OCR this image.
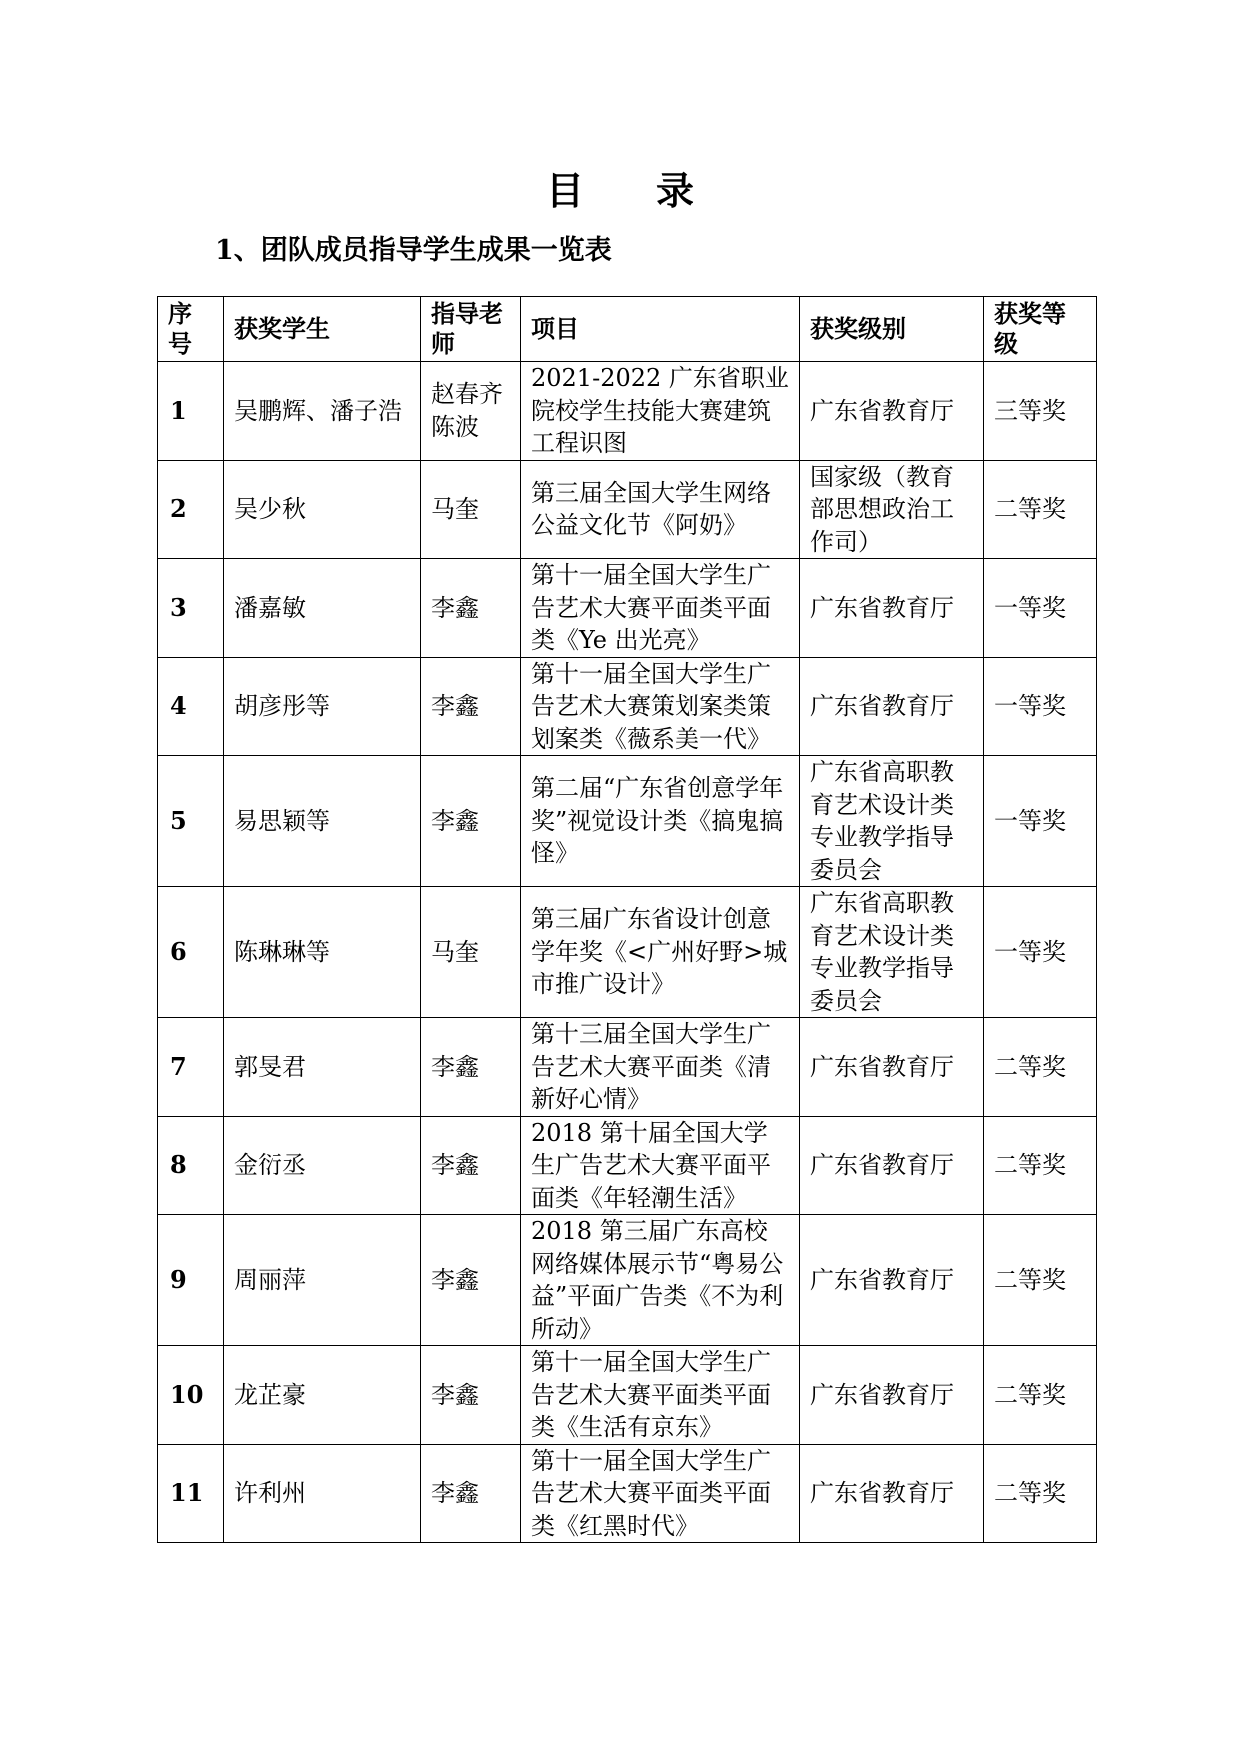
目录
1、团队成员指导学生成果一览表
序号	获奖学生	指导老师	项目	获奖级别	获奖等级
1	吴鹏辉、潘子浩	赵春齐陈波	2021-2022 广东省职业院校学生技能大赛建筑工程识图	广东省教育厅	三等奖
2	吴少秋	马奎	第三届全国大学生网络公益文化节《阿奶》	国家级（教育部思想政治工作司）	二等奖
3	潘嘉敏	李鑫	第十一届全国大学生广告艺术大赛平面类平面类《Ye 出光亮》	广东省教育厅	一等奖
4	胡彦彤等	李鑫	第十一届全国大学生广告艺术大赛策划案类策划案类《薇系美一代》	广东省教育厅	一等奖
5	易思颖等	李鑫	第二届“广东省创意学年奖”视觉设计类《搞鬼搞怪》	广东省高职教育艺术设计类专业教学指导委员会	一等奖
6	陈琳琳等	马奎	第三届广东省设计创意学年奖《<广州好野>城市推广设计》	广东省高职教育艺术设计类专业教学指导委员会	一等奖
7	郭旻君	李鑫	第十三届全国大学生广告艺术大赛平面类《清新好心情》	广东省教育厅	二等奖
8	金衍丞	李鑫	2018 第十届全国大学生广告艺术大赛平面平面类《年轻潮生活》	广东省教育厅	二等奖
9	周丽萍	李鑫	2018 第三届广东高校网络媒体展示节“粤易公益”平面广告类《不为利所动》	广东省教育厅	二等奖
10	龙芷豪	李鑫	第十一届全国大学生广告艺术大赛平面类平面类《生活有京东》	广东省教育厅	二等奖
11	许利州	李鑫	第十一届全国大学生广告艺术大赛平面类平面类《红黑时代》	广东省教育厅	二等奖
